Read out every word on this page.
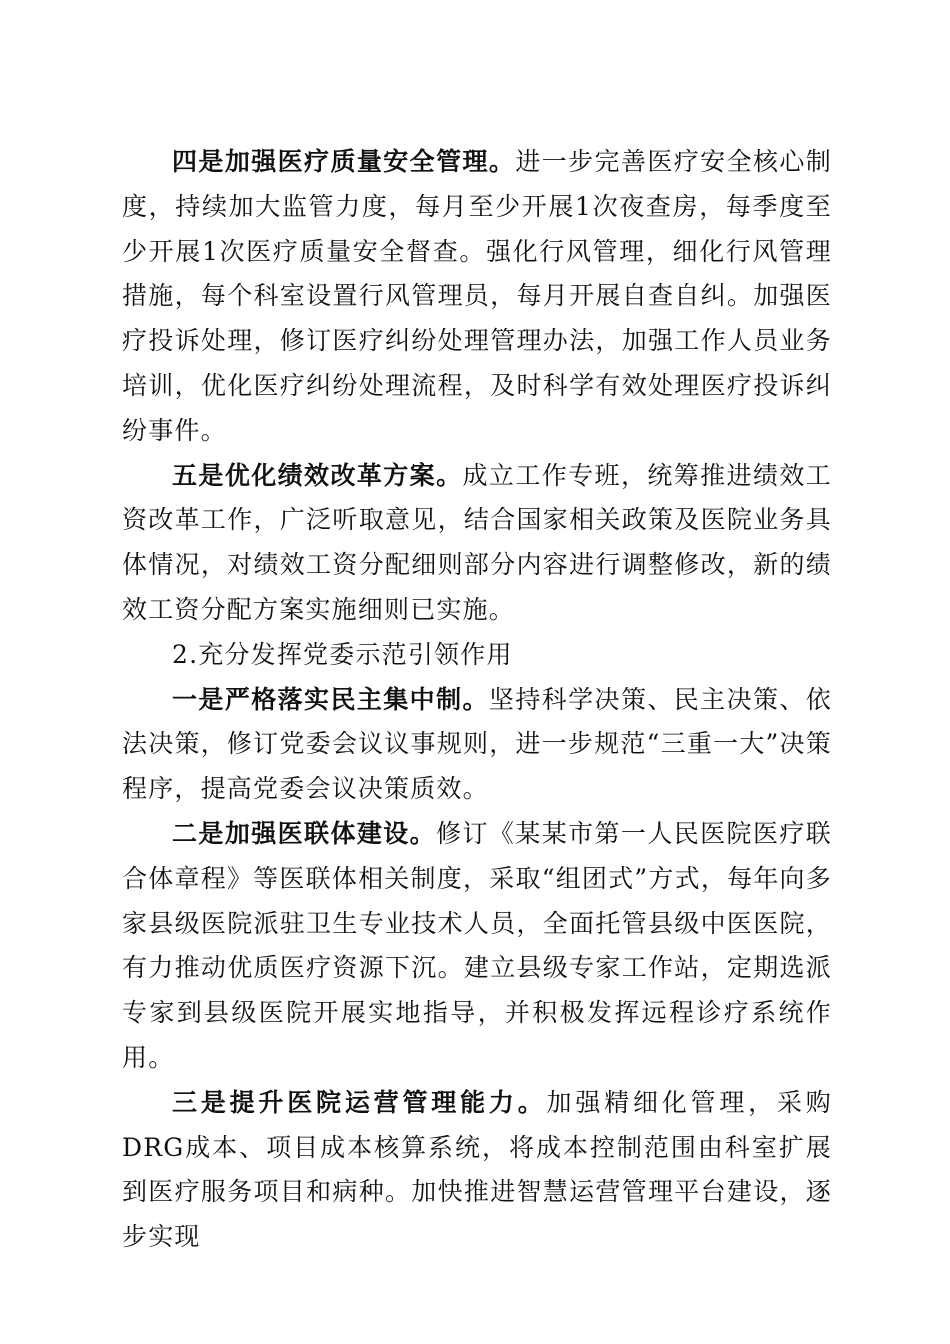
四是加强医疗质量安全管理。进一步完善医疗安全核心制度，持续加大监管力度，每月至少开展1次夜查房，每季度至少开展1次医疗质量安全督查。强化行风管理，细化行风管理措施，每个科室设置行风管理员，每月开展自查自纠。加强医疗投诉处理，修订医疗纠纷处理管理办法，加强工作人员业务培训，优化医疗纠纷处理流程，及时科学有效处理医疗投诉纠纷事件。

五是优化绩效改革方案。成立工作专班，统筹推进绩效工资改革工作，广泛听取意见，结合国家相关政策及医院业务具体情况，对绩效工资分配细则部分内容进行调整修改，新的绩效工资分配方案实施细则已实施。

2.充分发挥党委示范引领作用

一是严格落实民主集中制。坚持科学决策、民主决策、依法决策，修订党委会议议事规则，进一步规范“三重一大”决策程序，提高党委会议决策质效。

二是加强医联体建设。修订《某某市第一人民医院医疗联合体章程》等医联体相关制度，采取“组团式”方式，每年向多家县级医院派驻卫生专业技术人员，全面托管县级中医医院，有力推动优质医疗资源下沉。建立县级专家工作站，定期选派专家到县级医院开展实地指导，并积极发挥远程诊疗系统作用。

三是提升医院运营管理能力。加强精细化管理，采购DRG成本、项目成本核算系统，将成本控制范围由科室扩展到医疗服务项目和病种。加快推进智慧运营管理平台建设，逐步实现
